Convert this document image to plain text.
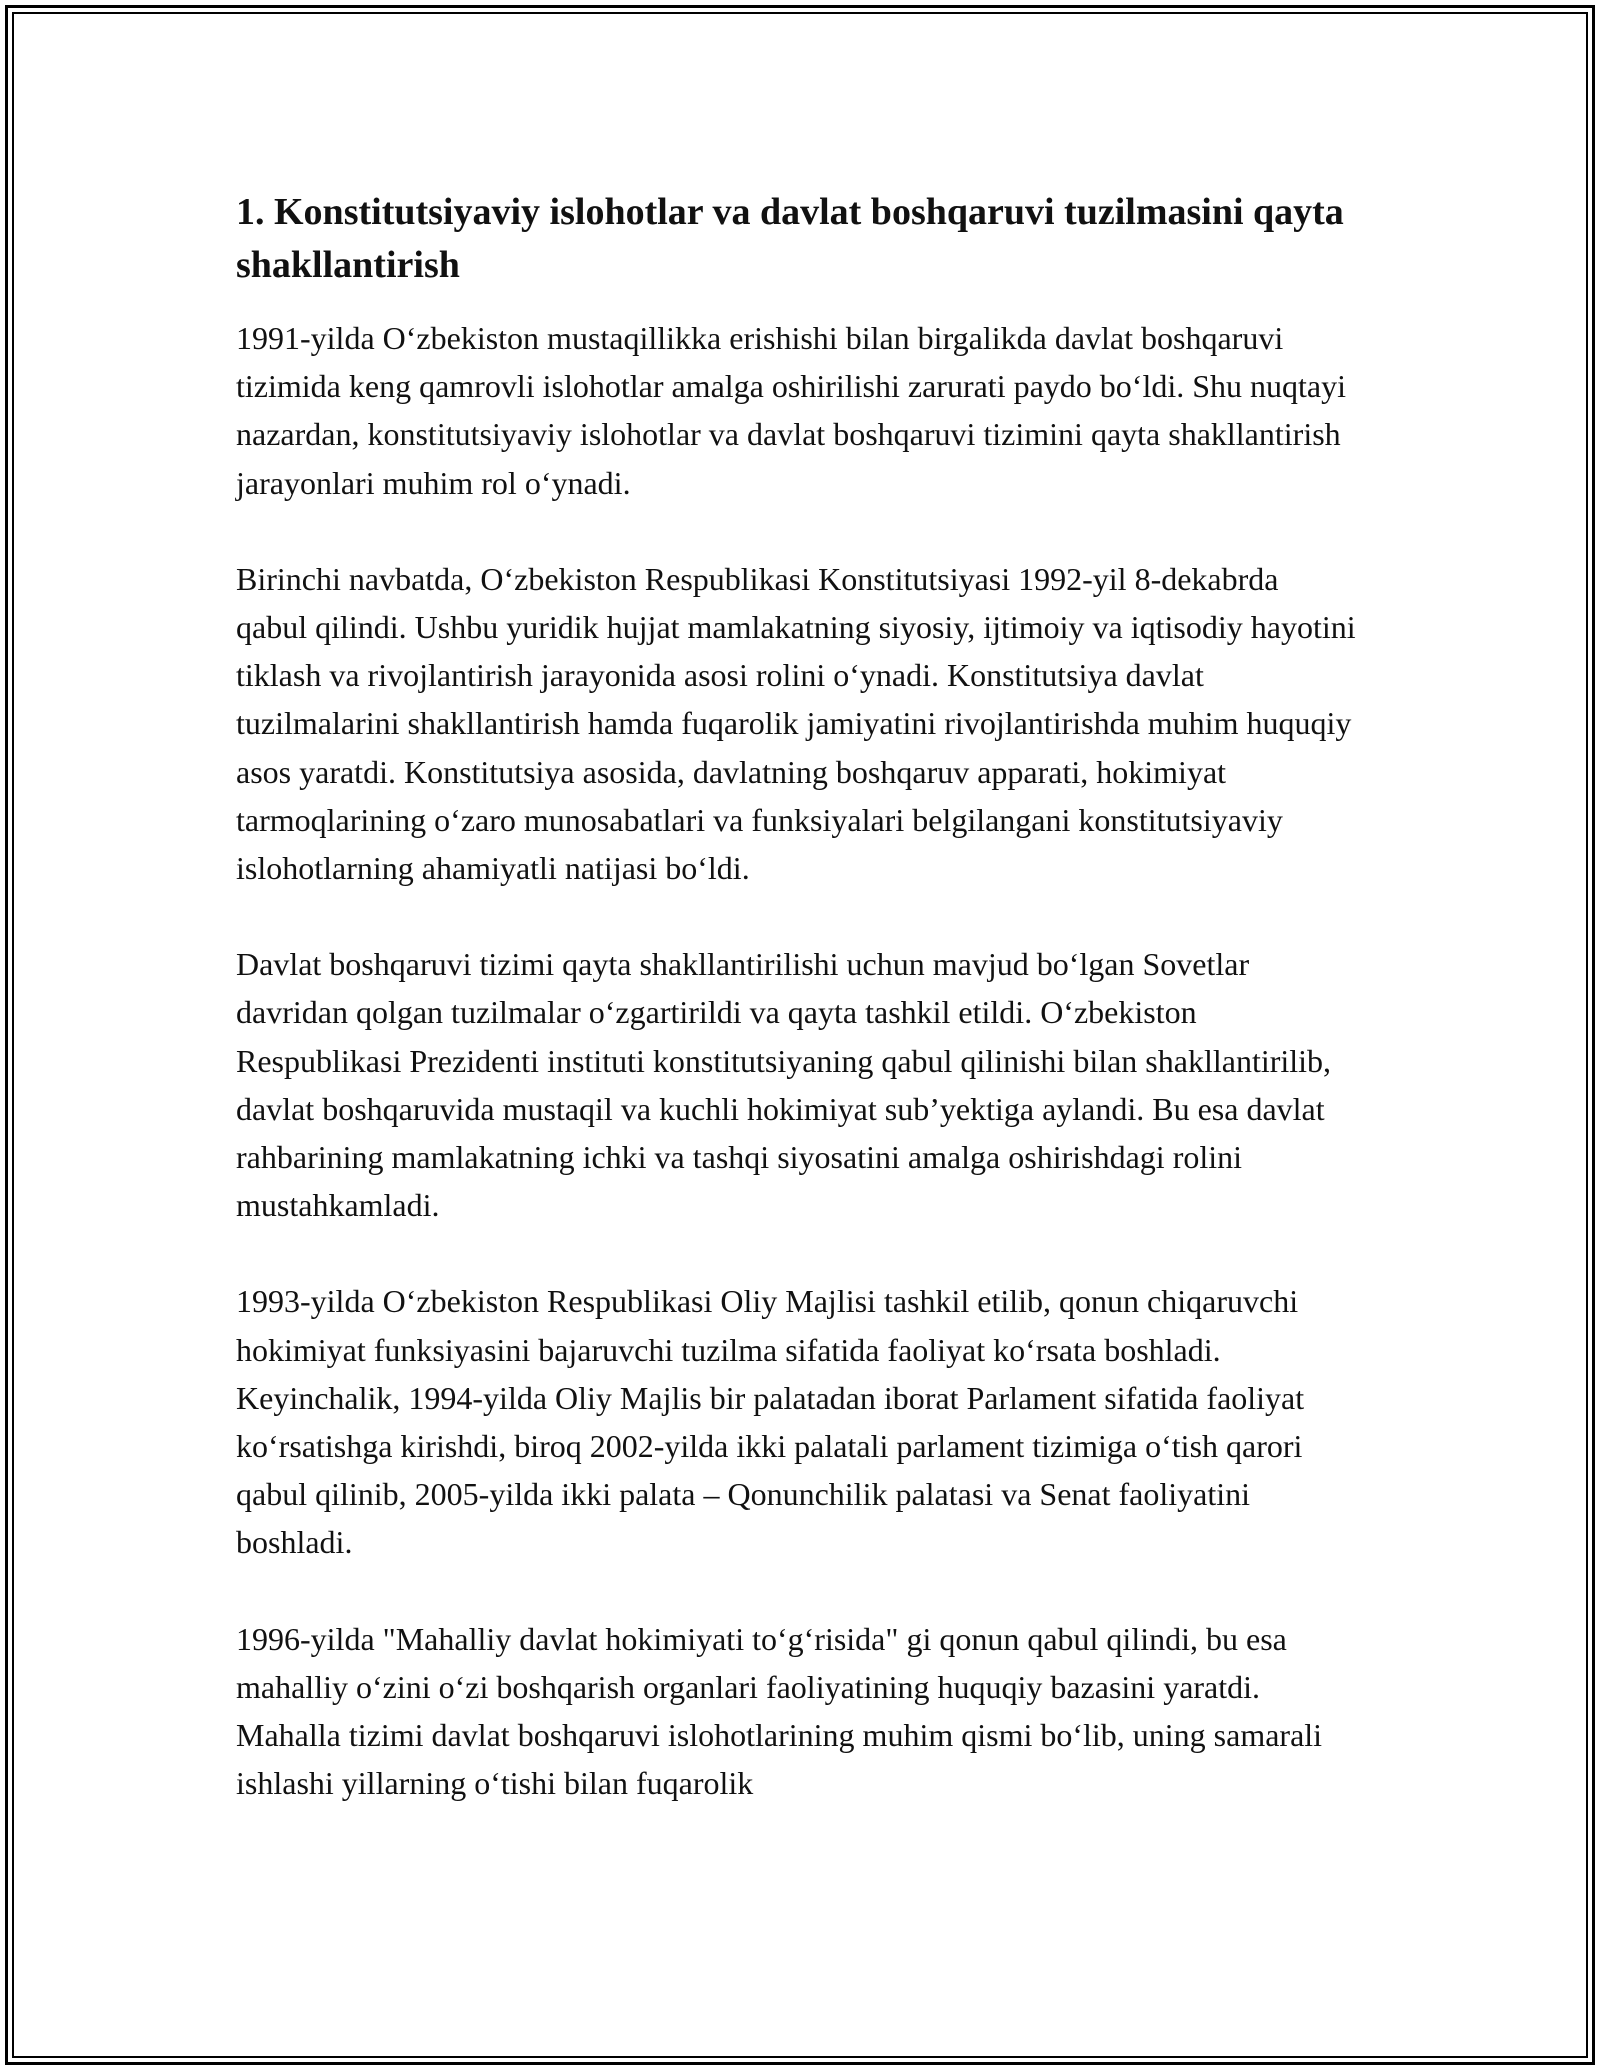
1. Konstitutsiyaviy islohotlar va davlat boshqaruvi tuzilmasini qayta shakllantirish

1991-yilda O‘zbekiston mustaqillikka erishishi bilan birgalikda davlat boshqaruvi tizimida keng qamrovli islohotlar amalga oshirilishi zarurati paydo bo‘ldi. Shu nuqtayi nazardan, konstitutsiyaviy islohotlar va davlat boshqaruvi tizimini qayta shakllantirish jarayonlari muhim rol o‘ynadi.

Birinchi navbatda, O‘zbekiston Respublikasi Konstitutsiyasi 1992-yil 8-dekabrda qabul qilindi. Ushbu yuridik hujjat mamlakatning siyosiy, ijtimoiy va iqtisodiy hayotini tiklash va rivojlantirish jarayonida asosi rolini o‘ynadi. Konstitutsiya davlat tuzilmalarini shakllantirish hamda fuqarolik jamiyatini rivojlantirishda muhim huquqiy asos yaratdi. Konstitutsiya asosida, davlatning boshqaruv apparati, hokimiyat tarmoqlarining o‘zaro munosabatlari va funksiyalari belgilangani konstitutsiyaviy islohotlarning ahamiyatli natijasi bo‘ldi.

Davlat boshqaruvi tizimi qayta shakllantirilishi uchun mavjud bo‘lgan Sovetlar davridan qolgan tuzilmalar o‘zgartirildi va qayta tashkil etildi. O‘zbekiston Respublikasi Prezidenti instituti konstitutsiyaning qabul qilinishi bilan shakllantirilib, davlat boshqaruvida mustaqil va kuchli hokimiyat sub’yektiga aylandi. Bu esa davlat rahbarining mamlakatning ichki va tashqi siyosatini amalga oshirishdagi rolini mustahkamladi.

1993-yilda O‘zbekiston Respublikasi Oliy Majlisi tashkil etilib, qonun chiqaruvchi hokimiyat funksiyasini bajaruvchi tuzilma sifatida faoliyat ko‘rsata boshladi. Keyinchalik, 1994-yilda Oliy Majlis bir palatadan iborat Parlament sifatida faoliyat ko‘rsatishga kirishdi, biroq 2002-yilda ikki palatali parlament tizimiga o‘tish qarori qabul qilinib, 2005-yilda ikki palata – Qonunchilik palatasi va Senat faoliyatini boshladi.

1996-yilda "Mahalliy davlat hokimiyati to‘g‘risida" gi qonun qabul qilindi, bu esa mahalliy o‘zini o‘zi boshqarish organlari faoliyatining huquqiy bazasini yaratdi. Mahalla tizimi davlat boshqaruvi islohotlarining muhim qismi bo‘lib, uning samarali ishlashi yillarning o‘tishi bilan fuqarolik
